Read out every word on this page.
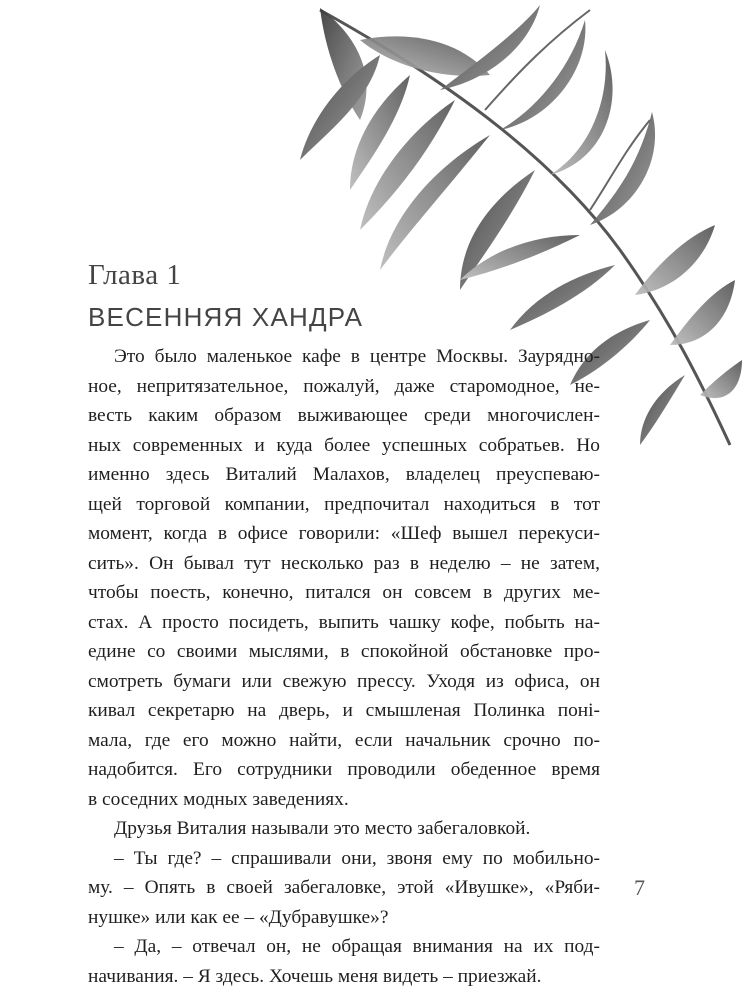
Глава 1
ВЕСЕННЯЯ ХАНДРА
Это было маленькое кафе в центре Москвы. Заурядно-
ное, непритязательное, пожалуй, даже старомодное, не-
весть каким образом выживающее среди многочислен-
ных современных и куда более успешных собратьев. Но
именно здесь Виталий Малахов, владелец преуспеваю-
щей торговой компании, предпочитал находиться в тот
момент, когда в офисе говорили: «Шеф вышел перекуси-
сить». Он бывал тут несколько раз в неделю – не затем,
чтобы поесть, конечно, питался он совсем в других ме-
стах. А просто посидеть, выпить чашку кофе, побыть на-
едине со своими мыслями, в спокойной обстановке про-
смотреть бумаги или свежую прессу. Уходя из офиса, он
кивал секретарю на дверь, и смышленая Полинка поні-
мала, где его можно найти, если начальник срочно по-
надобится. Его сотрудники проводили обеденное время
в соседних модных заведениях.
Друзья Виталия называли это место забегаловкой.
– Ты где? – спрашивали они, звоня ему по мобильно-
му. – Опять в своей забегаловке, этой «Ивушке», «Ряби-
нушке» или как ее – «Дубравушке»?
– Да, – отвечал он, не обращая внимания на их под-
начивания. – Я здесь. Хочешь меня видеть – приезжай.
7
